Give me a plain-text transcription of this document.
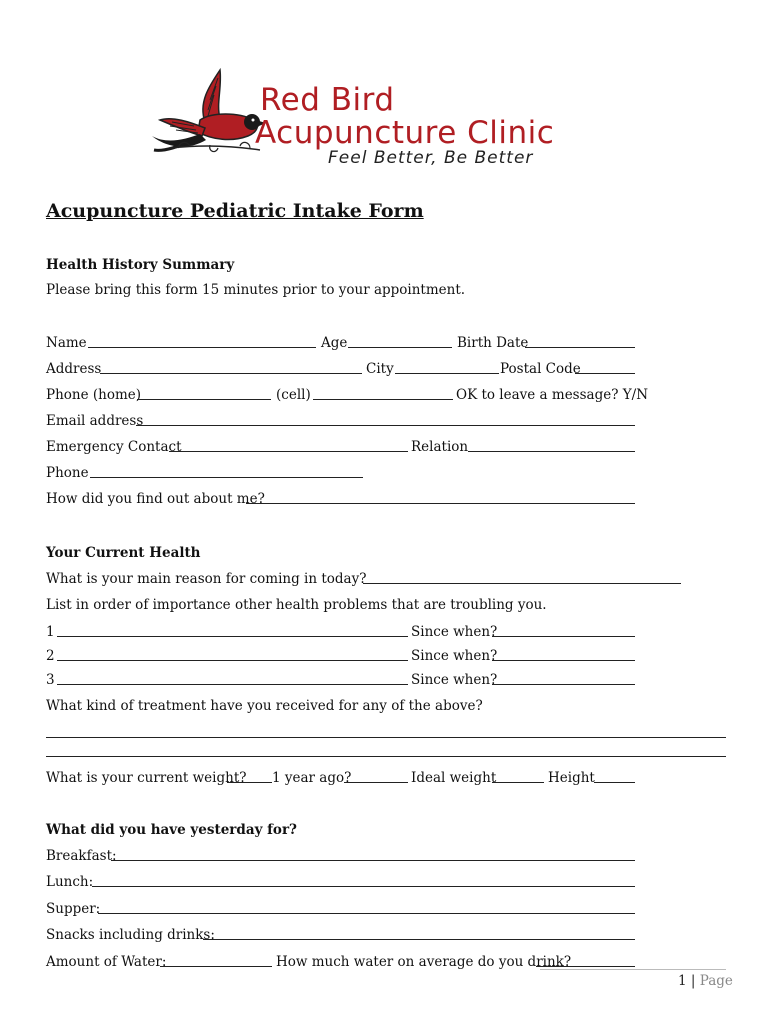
Red Bird
Acupuncture Clinic
Feel Better, Be Better
Acupuncture Pediatric Intake Form
Health History Summary
Please bring this form 15 minutes prior to your appointment.
Name	Age	Birth Date
Address	City	Postal Code
Phone (home)	(cell)	OK to leave a message? Y/N
Email address
Emergency Contact	Relation
Phone
How did you find out about me?
Your Current Health
What is your main reason for coming in today?
List in order of importance other health problems that are troubling you.
1	Since when?
2	Since when?
3	Since when?
What kind of treatment have you received for any of the above?
What is your current weight? 1 year ago?	Ideal weight	Height
What did you have yesterday for?
Breakfast:
Lunch:
Supper:
Snacks including drinks:
Amount of Water:	How much water on average do you drink?
1 | Page
